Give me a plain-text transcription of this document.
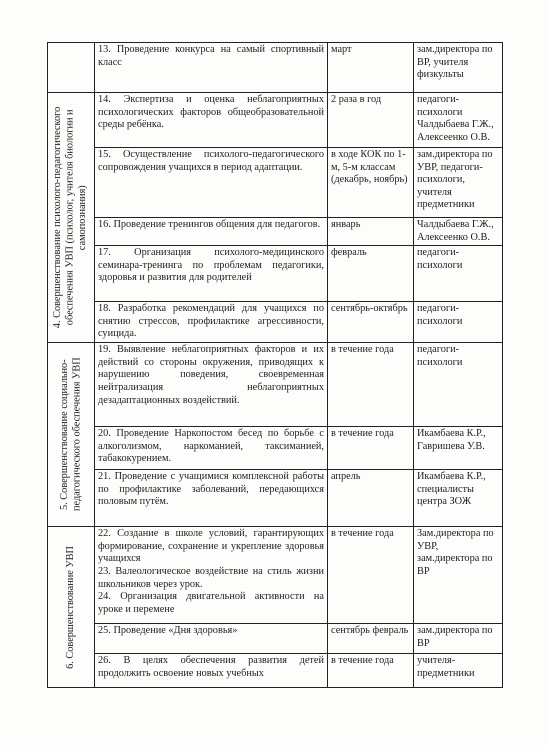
	13. Проведение конкурса на самый спортивный класс	март	зам.директора по ВР, учителя физкульты

4. Совершенствование психолого-педагогического обеспечения УВП (психолог, учителя биологии и самопознания)	14. Экспертиза и оценка неблагоприятных психологических факторов общеобразовательной среды ребёнка.	2 раза в год	педагоги-психологи Чалдыбаева Г.Ж., Алексеенко О.В.

	15. Осуществление психолого-педагогического сопровождения учащихся в период адаптации.	в ходе КОК по 1-м, 5-м классам (декабрь, ноябрь)	зам.директора по УВР, педагоги-психологи, учителя предметники

	16. Проведение тренингов общения для педагогов.	январь	Чалдыбаева Г.Ж., Алексеенко О.В.

	17. Организация психолого-медицинского семинара-тренинга по проблемам педагогики, здоровья и развития для родителей	февраль	педагоги-психологи

	18. Разработка рекомендаций для учащихся по снятию стрессов, профилактике агрессивности, суицида.	сентябрь-октябрь	педагоги-психологи

5. Совершенствование социально-педагогического обеспечения УВП	19. Выявление неблагоприятных факторов и их действий со стороны окружения, приводящих к нарушению поведения, своевременная нейтрализация неблагоприятных дезадаптационных воздействий.	в течение года	педагоги-психологи

	20. Проведение Наркопостом бесед по борьбе с алкоголизмом, наркоманией, таксиманией, табакокурением.	в течение года	Икамбаева К.Р., Гавришева У.В.

	21. Проведение с учащимися комплексной работы по профилактике заболеваний, передающихся половым путём.	апрель	Икамбаева К.Р., специалисты центра ЗОЖ

6. Совершенствование УВП	22. Создание в школе условий, гарантирующих формирование, сохранение и укрепление здоровья учащихся
23. Валеологическое воздействие на стиль жизни школьников через урок.
24. Организация двигательной активности на уроке и перемене	в течение года	Зам.директора по УВР, зам.директора по ВР

	25. Проведение «Дня здоровья»	сентябрь февраль	зам.директора по ВР

	26. В целях обеспечения развития детей продолжить освоение новых учебных	в течение года	учителя-предметники
